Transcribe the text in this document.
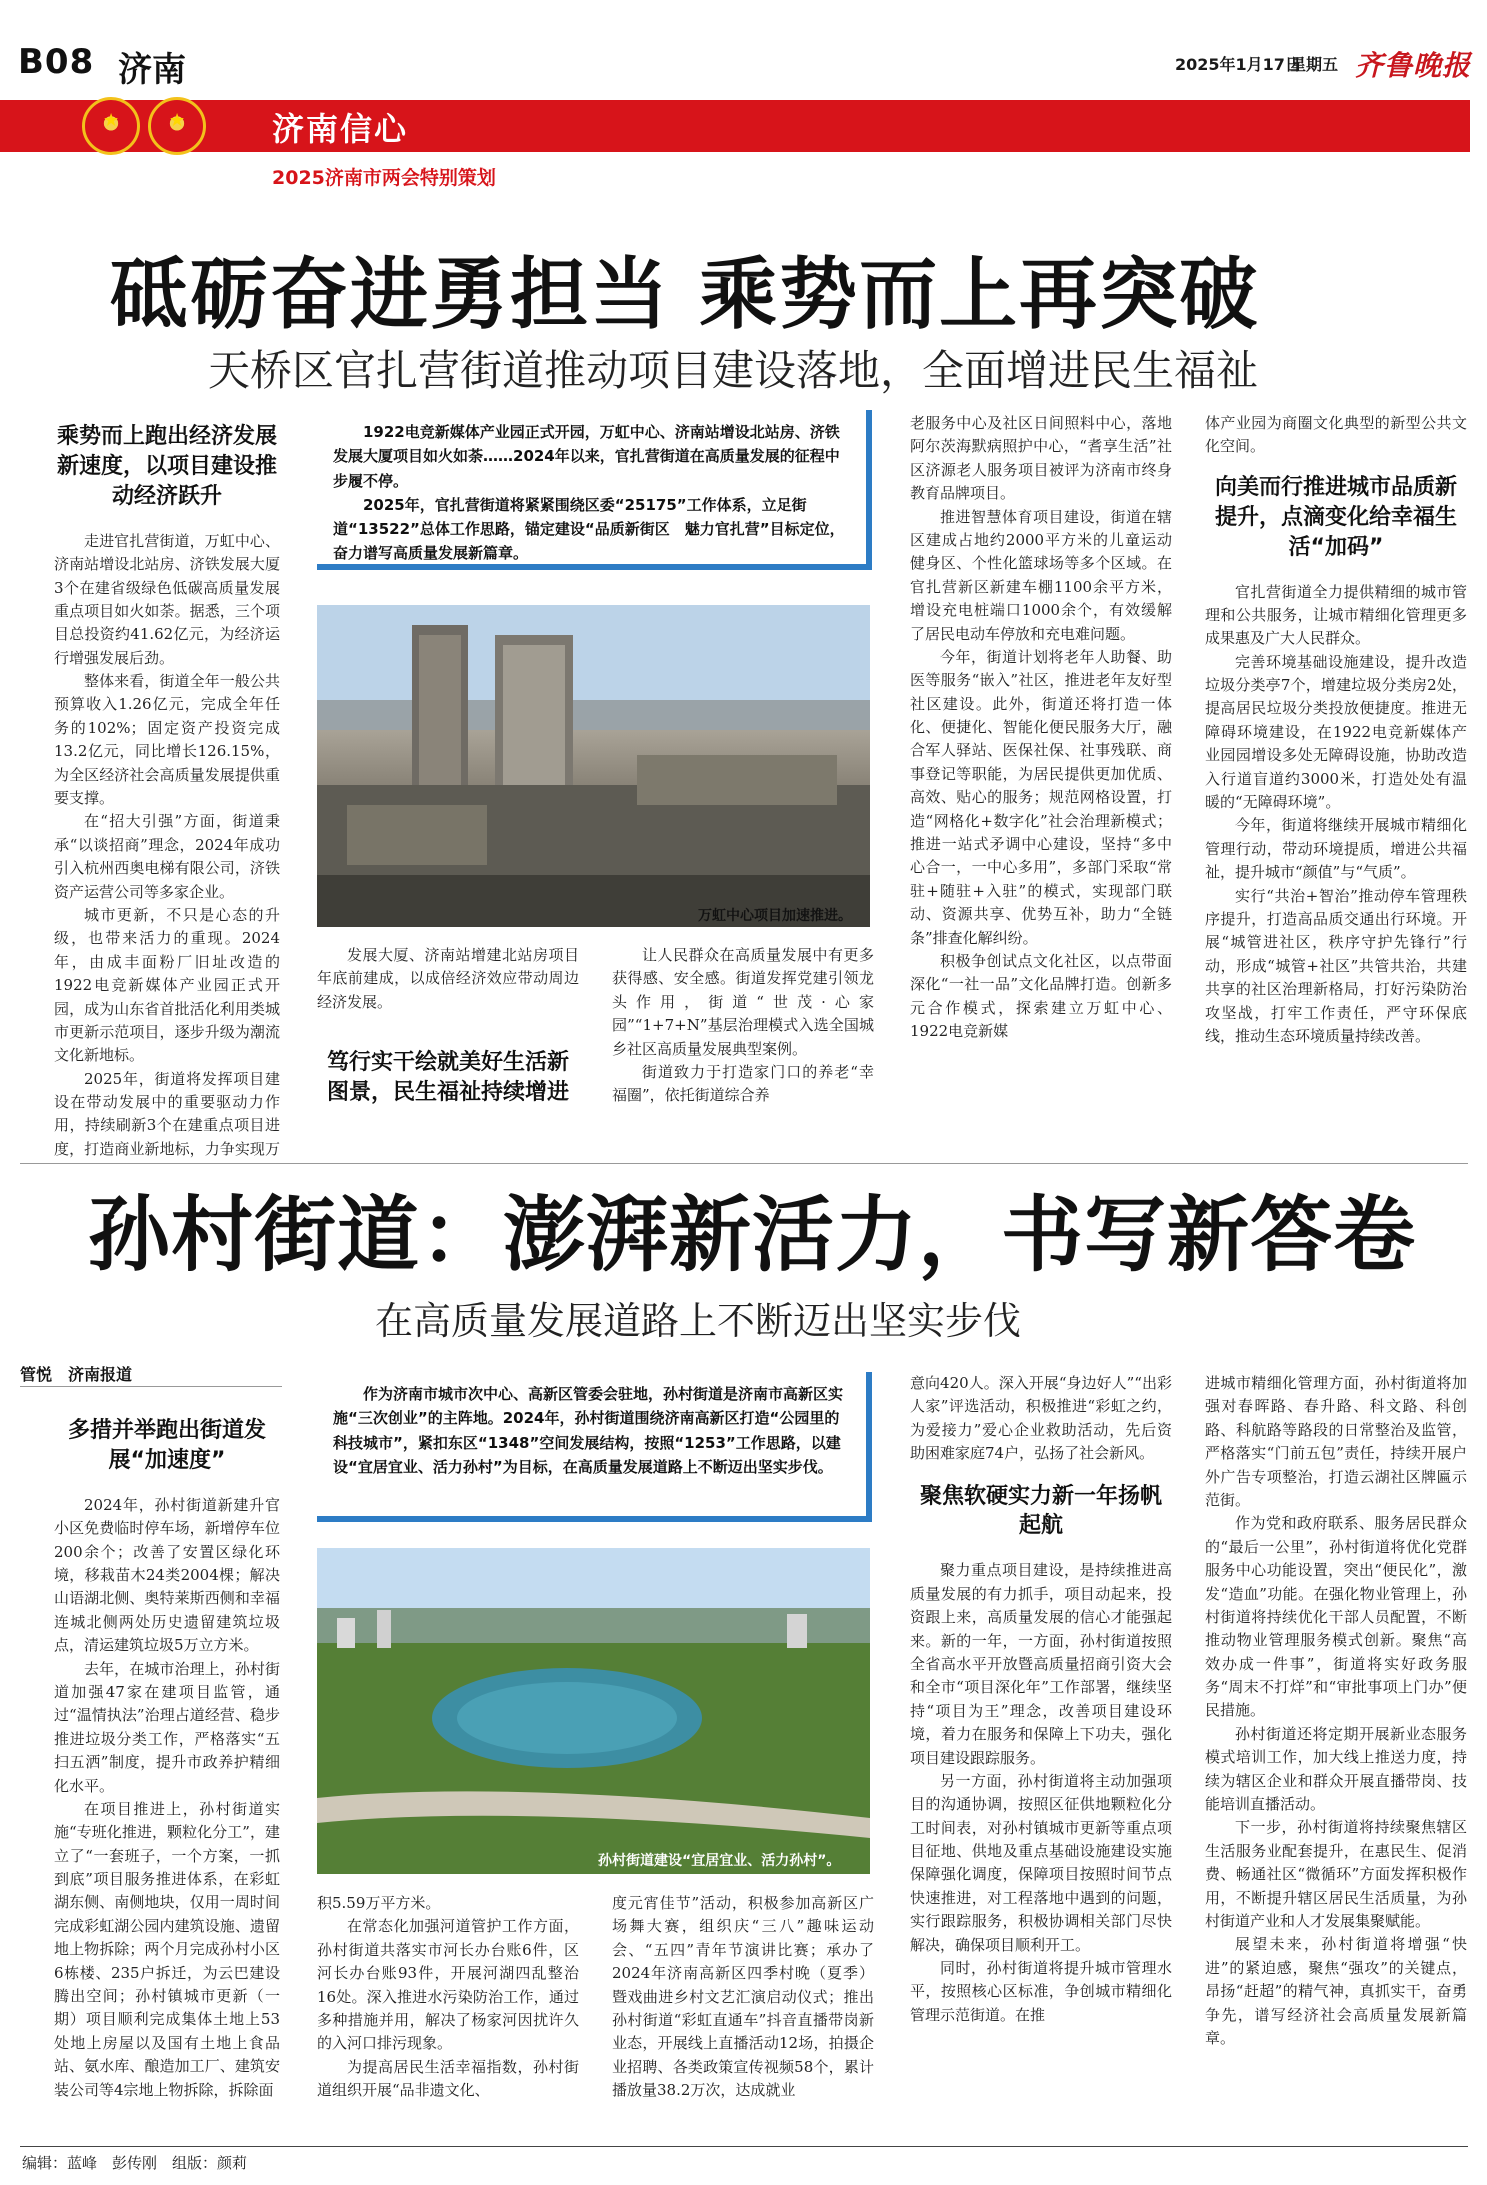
B08 济南	2025年1月17日
星期五 齐鲁晚报
★	★	济南信心
2025济南市两会特别策划
砥砺奋进勇担当 乘势而上再突破
天桥区官扎营街道推动项目建设落地，全面增进民生福祉

1922电竞新媒体产业园正式开园，万虹中心、济南站增设北站房、济铁发展大厦项目如火如荼……2024年以来，官扎营街道在高质量发展的征程中步履不停。

2025年，官扎营街道将紧紧围绕区委“25175”工作体系，立足街道“13522”总体工作思路，锚定建设“品质新街区　魅力官扎营”目标定位，奋力谱写高质量发展新篇章。

万虹中心项目加速推进。
乘势而上跑出经济发展新速度，以项目建设推动经济跃升

走进官扎营街道，万虹中心、济南站增设北站房、济铁发展大厦3个在建省级绿色低碳高质量发展重点项目如火如荼。据悉，三个项目总投资约41.62亿元，为经济运行增强发展后劲。

整体来看，街道全年一般公共预算收入1.26亿元，完成全年任务的102%；固定资产投资完成13.2亿元，同比增长126.15%，为全区经济社会高质量发展提供重要支撑。

在“招大引强”方面，街道秉承“以谈招商”理念，2024年成功引入杭州西奥电梯有限公司，济铁资产运营公司等多家企业。

城市更新，不只是心态的升级，也带来活力的重现。2024年，由成丰面粉厂旧址改造的1922电竞新媒体产业园正式开园，成为山东省首批活化利用类城市更新示范项目，逐步升级为潮流文化新地标。

2025年，街道将发挥项目建设在带动发展中的重要驱动力作用，持续刷新3个在建重点项目进度，打造商业新地标，力争实现万

发展大厦、济南站增建北站房项目年底前建成，以成倍经济效应带动周边经济发展。

笃行实干绘就美好生活新图景，民生福祉持续增进

让人民群众在高质量发展中有更多获得感、安全感。街道发挥党建引领龙头作用，街道“世茂·心家园”“1+7+N”基层治理模式入选全国城乡社区高质量发展典型案例。

街道致力于打造家门口的养老“幸福圈”，依托街道综合养

老服务中心及社区日间照料中心，落地阿尔茨海默病照护中心，“耆享生活”社区济源老人服务项目被评为济南市终身教育品牌项目。

推进智慧体育项目建设，街道在辖区建成占地约2000平方米的儿童运动健身区、个性化篮球场等多个区域。在官扎营新区新建车棚1100余平方米，增设充电桩端口1000余个，有效缓解了居民电动车停放和充电难问题。

今年，街道计划将老年人助餐、助医等服务“嵌入”社区，推进老年友好型社区建设。此外，街道还将打造一体化、便捷化、智能化便民服务大厅，融合军人驿站、医保社保、社事残联、商事登记等职能，为居民提供更加优质、高效、贴心的服务；规范网格设置，打造“网格化+数字化”社会治理新模式；推进一站式矛调中心建设，坚持“多中心合一，一中心多用”，多部门采取“常驻+随驻+入驻”的模式，实现部门联动、资源共享、优势互补，助力“全链条”排查化解纠纷。

积极争创试点文化社区，以点带面深化“一社一品”文化品牌打造。创新多元合作模式，探索建立万虹中心、1922电竞新媒

体产业园为商圈文化典型的新型公共文化空间。

向美而行推进城市品质新提升，点滴变化给幸福生活“加码”

官扎营街道全力提供精细的城市管理和公共服务，让城市精细化管理更多成果惠及广大人民群众。

完善环境基础设施建设，提升改造垃圾分类亭7个，增建垃圾分类房2处，提高居民垃圾分类投放便捷度。推进无障碍环境建设，在1922电竞新媒体产业园园增设多处无障碍设施，协助改造入行道盲道约3000米，打造处处有温暖的“无障碍环境”。

今年，街道将继续开展城市精细化管理行动，带动环境提质，增进公共福祉，提升城市“颜值”与“气质”。

实行“共治+智治”推动停车管理秩序提升，打造高品质交通出行环境。开展“城管进社区，秩序守护先锋行”行动，形成“城管+社区”共管共治，共建共享的社区治理新格局，打好污染防治攻坚战，打牢工作责任，严守环保底线，推动生态环境质量持续改善。

孙村街道：澎湃新活力，书写新答卷
在高质量发展道路上不断迈出坚实步伐
管悦　济南报道

作为济南市城市次中心、高新区管委会驻地，孙村街道是济南市高新区实施“三次创业”的主阵地。2024年，孙村街道围绕济南高新区打造“公园里的科技城市”，紧扣东区“1348”空间发展结构，按照“1253”工作思路，以建设“宜居宜业、活力孙村”为目标，在高质量发展道路上不断迈出坚实步伐。

孙村街道建设“宜居宜业、活力孙村”。
多措并举跑出街道发展“加速度”

2024年，孙村街道新建升官小区免费临时停车场，新增停车位200余个；改善了安置区绿化环境，移栽苗木24类2004棵；解决山语湖北侧、奥特莱斯西侧和幸福连城北侧两处历史遗留建筑垃圾点，清运建筑垃圾5万立方米。

去年，在城市治理上，孙村街道加强47家在建项目监管，通过“温情执法”治理占道经营、稳步推进垃圾分类工作，严格落实“五扫五洒”制度，提升市政养护精细化水平。

在项目推进上，孙村街道实施“专班化推进，颗粒化分工”，建立了“一套班子，一个方案，一抓到底”项目服务推进体系，在彩虹湖东侧、南侧地块，仅用一周时间完成彩虹湖公园内建筑设施、遗留地上物拆除；两个月完成孙村小区6栋楼、235户拆迁，为云巴建设腾出空间；孙村镇城市更新（一期）项目顺利完成集体土地上53处地上房屋以及国有土地上食品站、氨水库、酿造加工厂、建筑安装公司等4宗地上物拆除，拆除面

积5.59万平方米。

在常态化加强河道管护工作方面，孙村街道共落实市河长办台账6件，区河长办台账93件，开展河湖四乱整治16处。深入推进水污染防治工作，通过多种措施并用，解决了杨家河因扰许久的入河口排污现象。

为提高居民生活幸福指数，孙村街道组织开展“品非遗文化、

度元宵佳节”活动，积极参加高新区广场舞大赛，组织庆“三八”趣味运动会、“五四”青年节演讲比赛；承办了2024年济南高新区四季村晚（夏季）暨戏曲进乡村文艺汇演启动仪式；推出孙村街道“彩虹直通车”抖音直播带岗新业态，开展线上直播活动12场，拍摄企业招聘、各类政策宣传视频58个，累计播放量38.2万次，达成就业

意向420人。深入开展“身边好人”“出彩人家”评选活动，积极推进“彩虹之约，为爱接力”爱心企业救助活动，先后资助困难家庭74户，弘扬了社会新风。

聚焦软硬实力新一年扬帆起航

聚力重点项目建设，是持续推进高质量发展的有力抓手，项目动起来，投资跟上来，高质量发展的信心才能强起来。新的一年，一方面，孙村街道按照全省高水平开放暨高质量招商引资大会和全市“项目深化年”工作部署，继续坚持“项目为王”理念，改善项目建设环境，着力在服务和保障上下功夫，强化项目建设跟踪服务。

另一方面，孙村街道将主动加强项目的沟通协调，按照区征供地颗粒化分工时间表，对孙村镇城市更新等重点项目征地、供地及重点基础设施建设实施保障强化调度，保障项目按照时间节点快速推进，对工程落地中遇到的问题，实行跟踪服务，积极协调相关部门尽快解决，确保项目顺利开工。

同时，孙村街道将提升城市管理水平，按照核心区标准，争创城市精细化管理示范街道。在推

进城市精细化管理方面，孙村街道将加强对春晖路、春升路、科文路、科创路、科航路等路段的日常整治及监管，严格落实“门前五包”责任，持续开展户外广告专项整治，打造云湖社区牌匾示范街。

作为党和政府联系、服务居民群众的“最后一公里”，孙村街道将优化党群服务中心功能设置，突出“便民化”，激发“造血”功能。在强化物业管理上，孙村街道将持续优化干部人员配置，不断推动物业管理服务模式创新。聚焦“高效办成一件事”，街道将实好政务服务“周末不打烊”和“审批事项上门办”便民措施。

孙村街道还将定期开展新业态服务模式培训工作，加大线上推送力度，持续为辖区企业和群众开展直播带岗、技能培训直播活动。

下一步，孙村街道将持续聚焦辖区生活服务业配套提升，在惠民生、促消费、畅通社区“微循环”方面发挥积极作用，不断提升辖区居民生活质量，为孙村街道产业和人才发展集聚赋能。

展望未来，孙村街道将增强“快进”的紧迫感，聚焦“强攻”的关键点，昂扬“赶超”的精气神，真抓实干，奋勇争先，谱写经济社会高质量发展新篇章。

编辑：蓝峰　彭传刚　组版：颜莉
